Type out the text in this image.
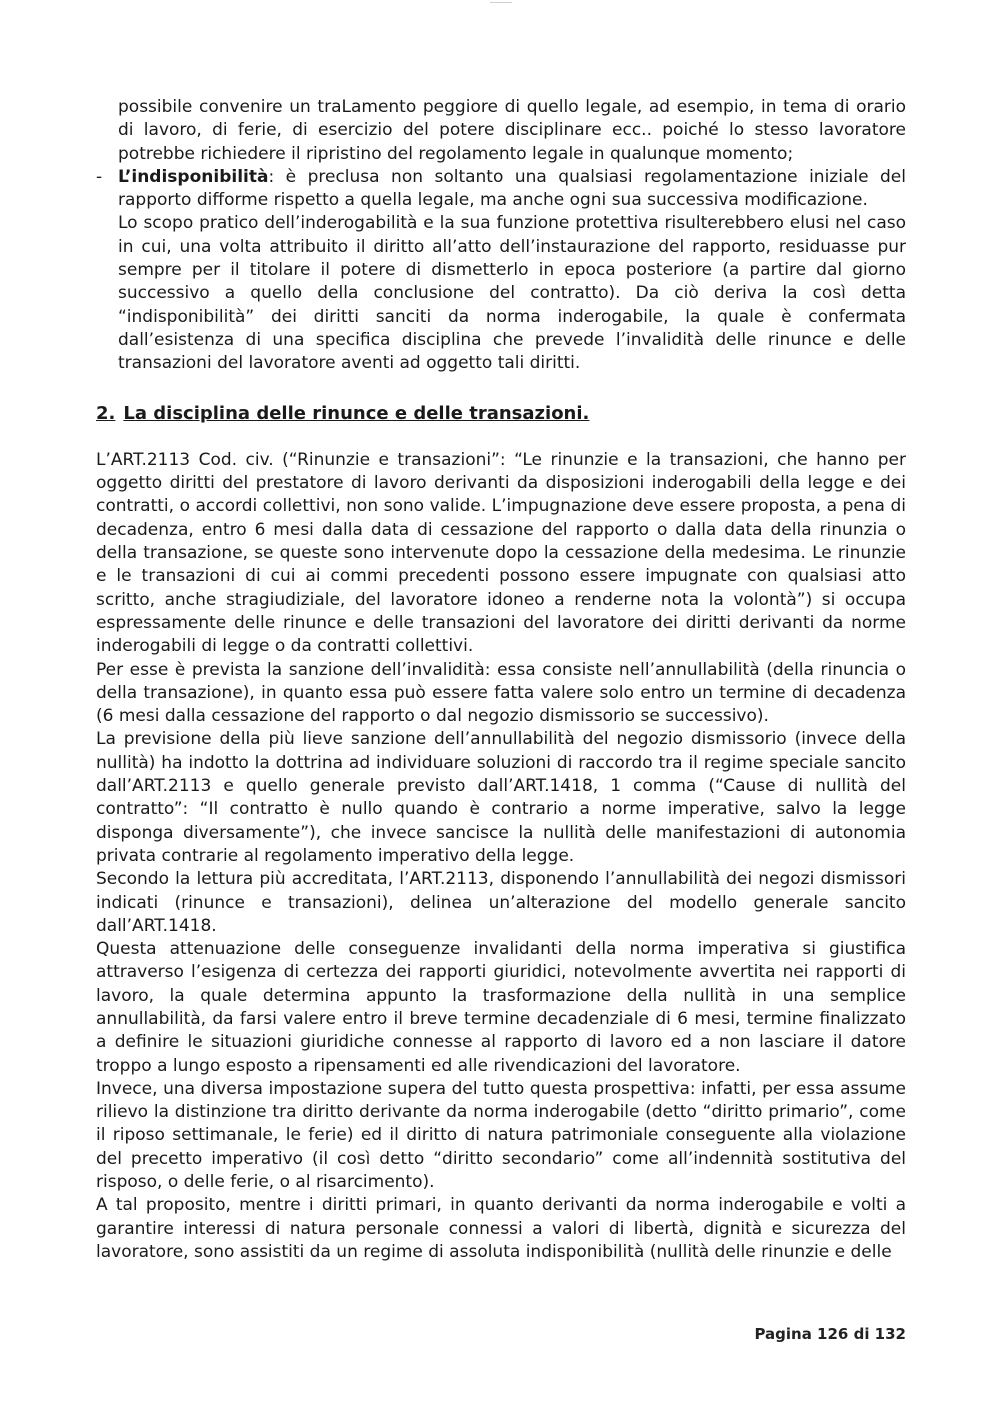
possibile convenire un traLamento peggiore di quello legale, ad esempio, in tema di orario di lavoro, di ferie, di esercizio del potere disciplinare ecc.. poiché lo stesso lavoratore potrebbe richiedere il ripristino del regolamento legale in qualunque momento;

- L’indisponibilità: è preclusa non soltanto una qualsiasi regolamentazione iniziale del rapporto difforme rispetto a quella legale, ma anche ogni sua successiva modificazione.

Lo scopo pratico dell’inderogabilità e la sua funzione protettiva risulterebbero elusi nel caso in cui, una volta attribuito il diritto all’atto dell’instaurazione del rapporto, residuasse pur sempre per il titolare il potere di dismetterlo in epoca posteriore (a partire dal giorno successivo a quello della conclusione del contratto). Da ciò deriva la così detta “indisponibilità” dei diritti sanciti da norma inderogabile, la quale è confermata dall’esistenza di una specifica disciplina che prevede l’invalidità delle rinunce e delle transazioni del lavoratore aventi ad oggetto tali diritti.

2. La disciplina delle rinunce e delle transazioni.

L’ART.2113 Cod. civ. (“Rinunzie e transazioni”: “Le rinunzie e la transazioni, che hanno per oggetto diritti del prestatore di lavoro derivanti da disposizioni inderogabili della legge e dei contratti, o accordi collettivi, non sono valide. L’impugnazione deve essere proposta, a pena di decadenza, entro 6 mesi dalla data di cessazione del rapporto o dalla data della rinunzia o della transazione, se queste sono intervenute dopo la cessazione della medesima. Le rinunzie e le transazioni di cui ai commi precedenti possono essere impugnate con qualsiasi atto scritto, anche stragiudiziale, del lavoratore idoneo a renderne nota la volontà”) si occupa espressamente delle rinunce e delle transazioni del lavoratore dei diritti derivanti da norme inderogabili di legge o da contratti collettivi.

Per esse è prevista la sanzione dell’invalidità: essa consiste nell’annullabilità (della rinuncia o della transazione), in quanto essa può essere fatta valere solo entro un termine di decadenza (6 mesi dalla cessazione del rapporto o dal negozio dismissorio se successivo).

La previsione della più lieve sanzione dell’annullabilità del negozio dismissorio (invece della nullità) ha indotto la dottrina ad individuare soluzioni di raccordo tra il regime speciale sancito dall’ART.2113 e quello generale previsto dall’ART.1418, 1 comma (“Cause di nullità del contratto”: “Il contratto è nullo quando è contrario a norme imperative, salvo la legge disponga diversamente”), che invece sancisce la nullità delle manifestazioni di autonomia privata contrarie al regolamento imperativo della legge.

Secondo la lettura più accreditata, l’ART.2113, disponendo l’annullabilità dei negozi dismissori indicati (rinunce e transazioni), delinea un’alterazione del modello generale sancito dall’ART.1418.

Questa attenuazione delle conseguenze invalidanti della norma imperativa si giustifica attraverso l’esigenza di certezza dei rapporti giuridici, notevolmente avvertita nei rapporti di lavoro, la quale determina appunto la trasformazione della nullità in una semplice annullabilità, da farsi valere entro il breve termine decadenziale di 6 mesi, termine finalizzato a definire le situazioni giuridiche connesse al rapporto di lavoro ed a non lasciare il datore troppo a lungo esposto a ripensamenti ed alle rivendicazioni del lavoratore.

Invece, una diversa impostazione supera del tutto questa prospettiva: infatti, per essa assume rilievo la distinzione tra diritto derivante da norma inderogabile (detto “diritto primario”, come il riposo settimanale, le ferie) ed il diritto di natura patrimoniale conseguente alla violazione del precetto imperativo (il così detto “diritto secondario” come all’indennità sostitutiva del risposo, o delle ferie, o al risarcimento).

A tal proposito, mentre i diritti primari, in quanto derivanti da norma inderogabile e volti a garantire interessi di natura personale connessi a valori di libertà, dignità e sicurezza del lavoratore, sono assistiti da un regime di assoluta indisponibilità (nullità delle rinunzie e delle

Pagina 126 di 132
